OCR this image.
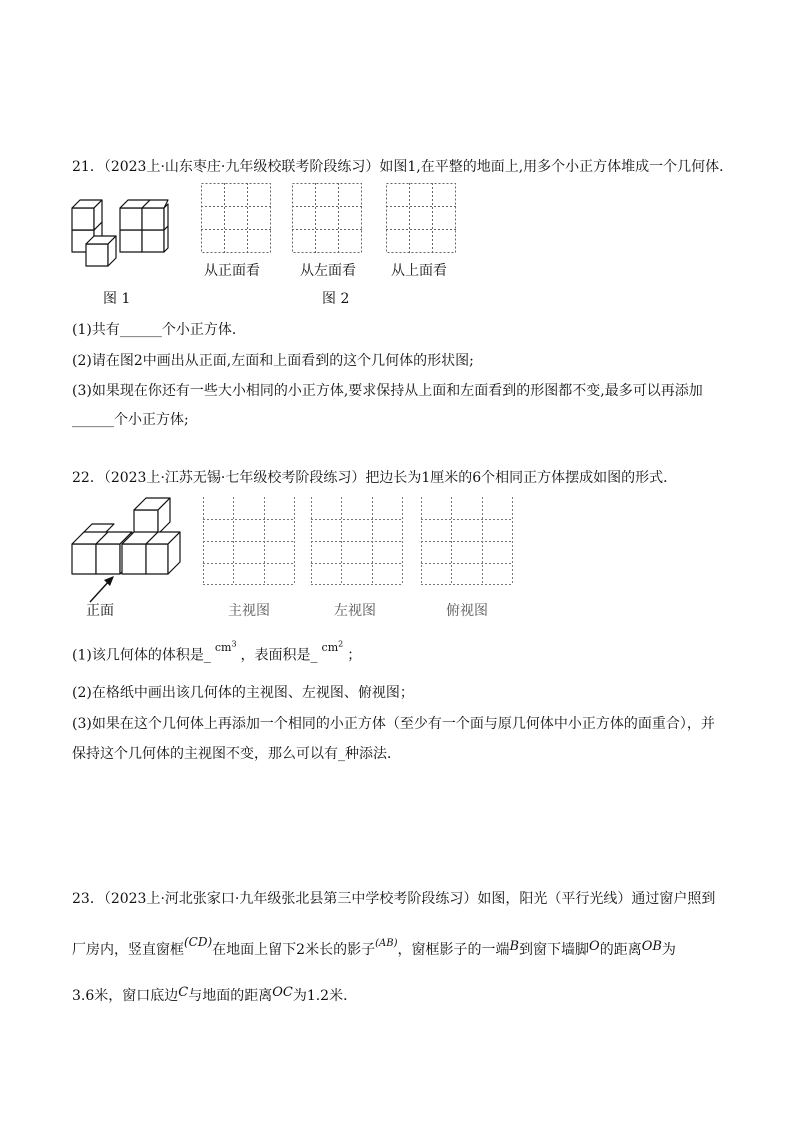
21．（2023上·山东枣庄·九年级校联考阶段练习）如图1,在平整的地面上,用多个小正方体堆成一个几何体．
图 1
从正面看	从左面看	从上面看
图 2
(1)共有______个小正方体．
(2)请在图2中画出从正面,左面和上面看到的这个几何体的形状图;
(3)如果现在你还有一些大小相同的小正方体,要求保持从上面和左面看到的形图都不变,最多可以再添加
______个小正方体;
22．（2023上·江苏无锡·七年级校考阶段练习）把边长为1厘米的6个相同正方体摆成如图的形式．
正面	主视图	左视图	俯视图
(1)该几何体的体积是_$^{cm^3}$，表面积是_$^{cm^2}$；
(2)在格纸中画出该几何体的主视图、左视图、俯视图；
(3)如果在这个几何体上再添加一个相同的小正方体（至少有一个面与原几何体中小正方体的面重合），并
保持这个几何体的主视图不变，那么可以有_种添法．
23．（2023上·河北张家口·九年级张北县第三中学校考阶段练习）如图，阳光（平行光线）通过窗户照到
厂房内，竖直窗框(CD)在地面上留下2米长的影子$^{(AB)}$，窗框影子的一端B到窗下墙脚O的距离OB为
3.6米，窗口底边C与地面的距离OC为1.2米．
